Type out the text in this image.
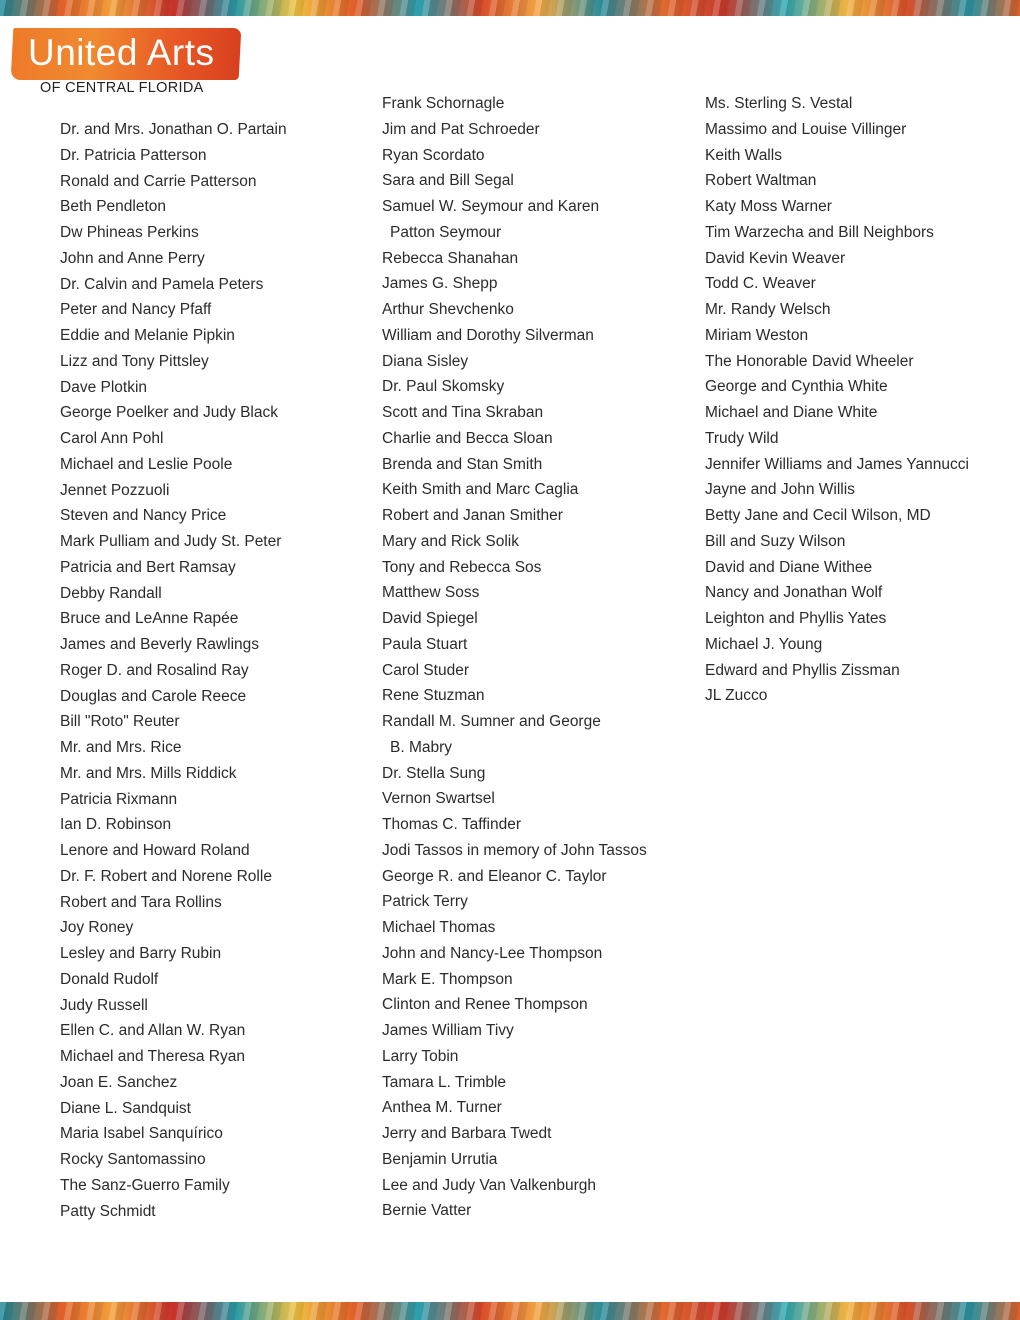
United Arts

OF CENTRAL FLORIDA

Dr. and Mrs. Jonathan O. Partain
Dr. Patricia Patterson
Ronald and Carrie Patterson
Beth Pendleton
Dw Phineas Perkins
John and Anne Perry
Dr. Calvin and Pamela Peters
Peter and Nancy Pfaff
Eddie and Melanie Pipkin
Lizz and Tony Pittsley
Dave Plotkin
George Poelker and Judy Black
Carol Ann Pohl
Michael and Leslie Poole
Jennet Pozzuoli
Steven and Nancy Price
Mark Pulliam and Judy St. Peter
Patricia and Bert Ramsay
Debby Randall
Bruce and LeAnne Rapée
James and Beverly Rawlings
Roger D. and Rosalind Ray
Douglas and Carole Reece
Bill "Roto" Reuter
Mr. and Mrs. Rice
Mr. and Mrs. Mills Riddick
Patricia Rixmann
Ian D. Robinson
Lenore and Howard Roland
Dr. F. Robert and Norene Rolle
Robert and Tara Rollins
Joy Roney
Lesley and Barry Rubin
Donald Rudolf
Judy Russell
Ellen C. and Allan W. Ryan
Michael and Theresa Ryan
Joan E. Sanchez
Diane L. Sandquist
Maria Isabel Sanquírico
Rocky Santomassino
The Sanz-Guerro Family
Patty Schmidt
Frank Schornagle
Jim and Pat Schroeder
Ryan Scordato
Sara and Bill Segal
Samuel W. Seymour and Karen
Patton Seymour
Rebecca Shanahan
James G. Shepp
Arthur Shevchenko
William and Dorothy Silverman
Diana Sisley
Dr. Paul Skomsky
Scott and Tina Skraban
Charlie and Becca Sloan
Brenda and Stan Smith
Keith Smith and Marc Caglia
Robert and Janan Smither
Mary and Rick Solik
Tony and Rebecca Sos
Matthew Soss
David Spiegel
Paula Stuart
Carol Studer
Rene Stuzman
Randall M. Sumner and George
B. Mabry
Dr. Stella Sung
Vernon Swartsel
Thomas C. Taffinder
Jodi Tassos in memory of John Tassos
George R. and Eleanor C. Taylor
Patrick Terry
Michael Thomas
John and Nancy-Lee Thompson
Mark E. Thompson
Clinton and Renee Thompson
James William Tivy
Larry Tobin
Tamara L. Trimble
Anthea M. Turner
Jerry and Barbara Twedt
Benjamin Urrutia
Lee and Judy Van Valkenburgh
Bernie Vatter
Ms. Sterling S. Vestal
Massimo and Louise Villinger
Keith Walls
Robert Waltman
Katy Moss Warner
Tim Warzecha and Bill Neighbors
David Kevin Weaver
Todd C. Weaver
Mr. Randy Welsch
Miriam Weston
The Honorable David Wheeler
George and Cynthia White
Michael and Diane White
Trudy Wild
Jennifer Williams and James Yannucci
Jayne and John Willis
Betty Jane and Cecil Wilson, MD
Bill and Suzy Wilson
David and Diane Withee
Nancy and Jonathan Wolf
Leighton and Phyllis Yates
Michael J. Young
Edward and Phyllis Zissman
JL Zucco
